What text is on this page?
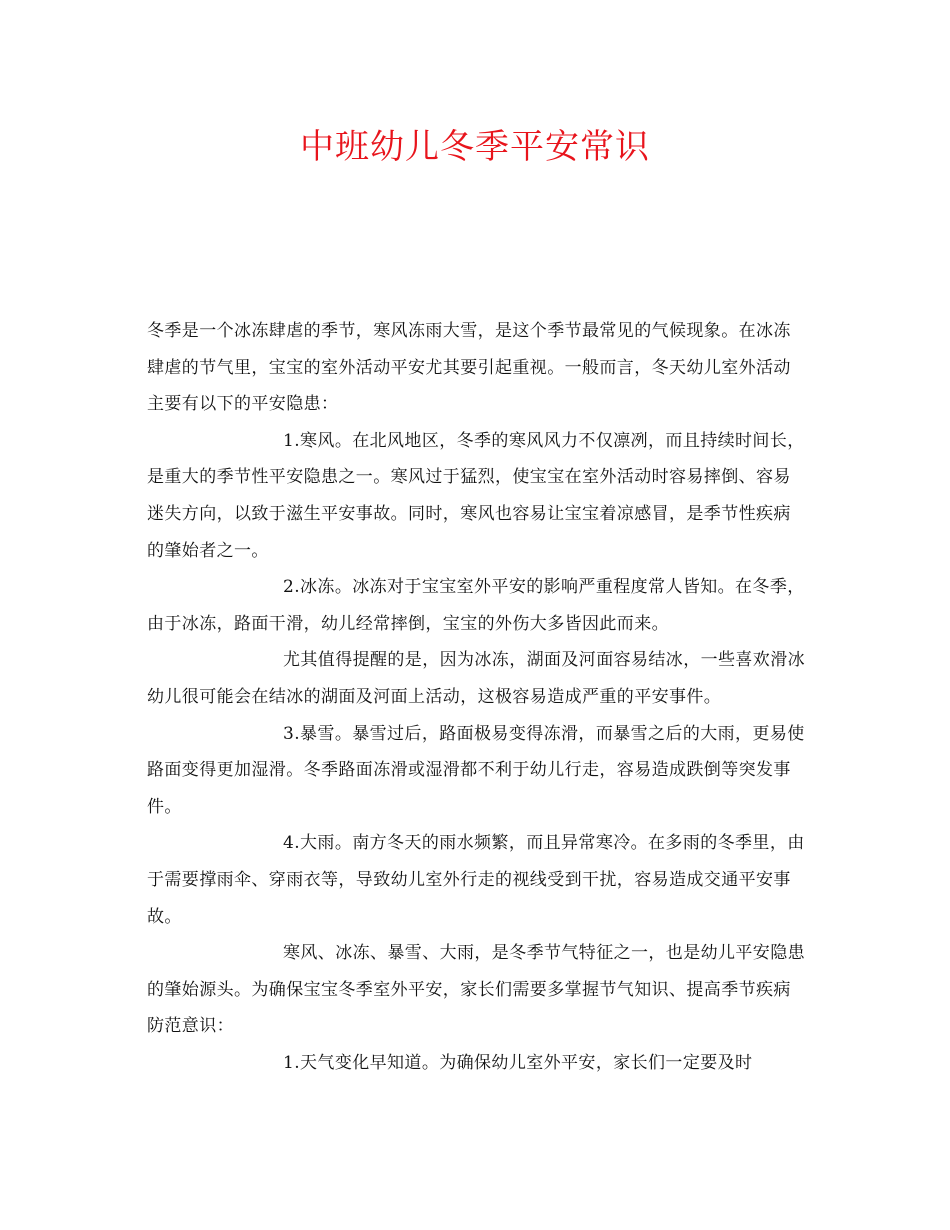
中班幼儿冬季平安常识

冬季是一个冰冻肆虐的季节，寒风冻雨大雪，是这个季节最常见的气候现象。在冰冻肆虐的节气里，宝宝的室外活动平安尤其要引起重视。一般而言，冬天幼儿室外活动主要有以下的平安隐患：

1.寒风。在北风地区，冬季的寒风风力不仅凛冽，而且持续时间长，是重大的季节性平安隐患之一。寒风过于猛烈，使宝宝在室外活动时容易摔倒、容易迷失方向，以致于滋生平安事故。同时，寒风也容易让宝宝着凉感冒，是季节性疾病的肇始者之一。

2.冰冻。冰冻对于宝宝室外平安的影响严重程度常人皆知。在冬季，由于冰冻，路面干滑，幼儿经常摔倒，宝宝的外伤大多皆因此而来。

尤其值得提醒的是，因为冰冻，湖面及河面容易结冰，一些喜欢滑冰幼儿很可能会在结冰的湖面及河面上活动，这极容易造成严重的平安事件。

3.暴雪。暴雪过后，路面极易变得冻滑，而暴雪之后的大雨，更易使路面变得更加湿滑。冬季路面冻滑或湿滑都不利于幼儿行走，容易造成跌倒等突发事件。

4.大雨。南方冬天的雨水频繁，而且异常寒冷。在多雨的冬季里，由于需要撑雨伞、穿雨衣等，导致幼儿室外行走的视线受到干扰，容易造成交通平安事故。

寒风、冰冻、暴雪、大雨，是冬季节气特征之一，也是幼儿平安隐患的肇始源头。为确保宝宝冬季室外平安，家长们需要多掌握节气知识、提高季节疾病防范意识：

1.天气变化早知道。为确保幼儿室外平安，家长们一定要及时
